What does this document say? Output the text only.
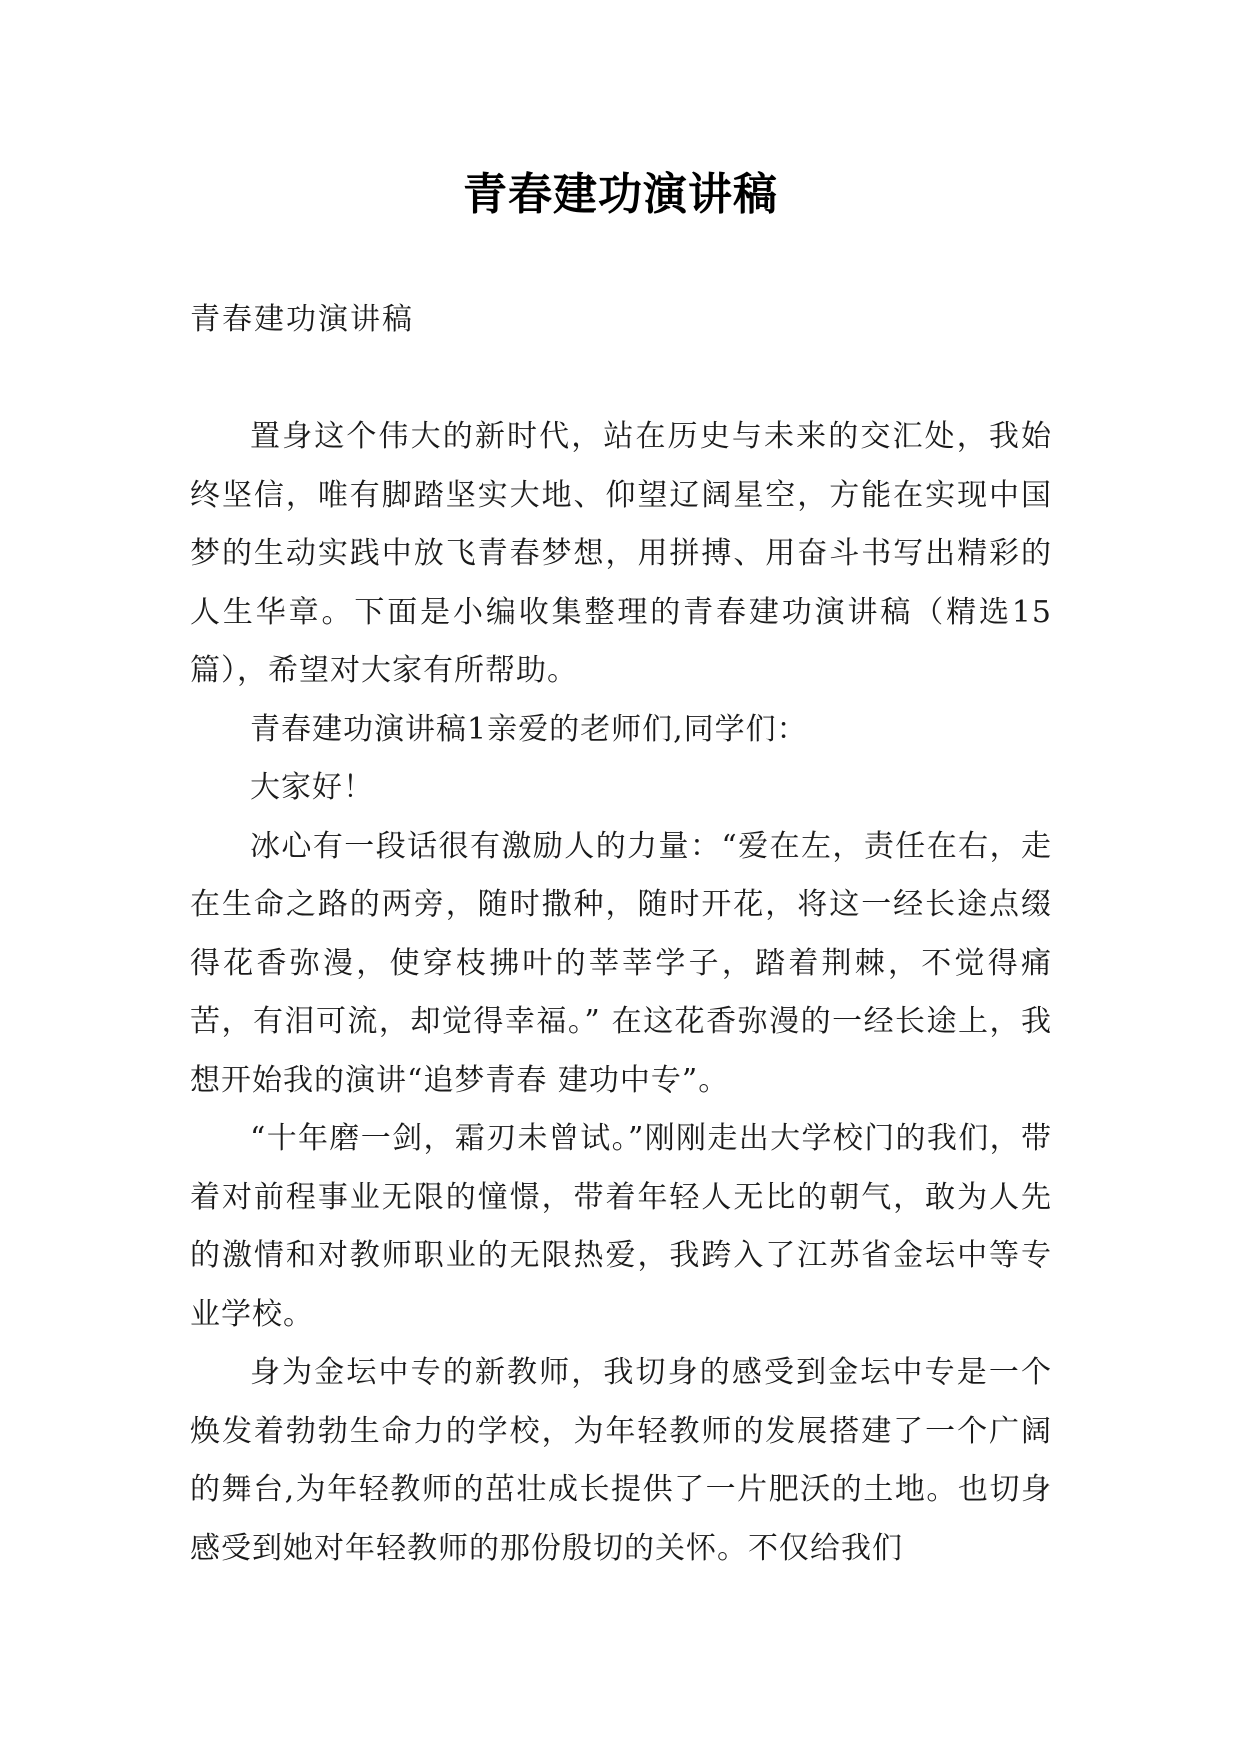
青春建功演讲稿
青春建功演讲稿

置身这个伟大的新时代，站在历史与未来的交汇处，我始终坚信，唯有脚踏坚实大地、仰望辽阔星空，方能在实现中国梦的生动实践中放飞青春梦想，用拼搏、用奋斗书写出精彩的人生华章。下面是小编收集整理的青春建功演讲稿（精选15篇），希望对大家有所帮助。

青春建功演讲稿1亲爱的老师们,同学们：

大家好！

冰心有一段话很有激励人的力量：“爱在左，责任在右，走在生命之路的两旁，随时撒种，随时开花，将这一经长途点缀得花香弥漫，使穿枝拂叶的莘莘学子，踏着荆棘，不觉得痛苦，有泪可流，却觉得幸福。” 在这花香弥漫的一经长途上，我想开始我的演讲“追梦青春 建功中专”。

“十年磨一剑，霜刃未曾试。”刚刚走出大学校门的我们，带着对前程事业无限的憧憬，带着年轻人无比的朝气，敢为人先的激情和对教师职业的无限热爱，我跨入了江苏省金坛中等专业学校。

身为金坛中专的新教师，我切身的感受到金坛中专是一个焕发着勃勃生命力的学校，为年轻教师的发展搭建了一个广阔的舞台,为年轻教师的茁壮成长提供了一片肥沃的土地。也切身感受到她对年轻教师的那份殷切的关怀。不仅给我们
